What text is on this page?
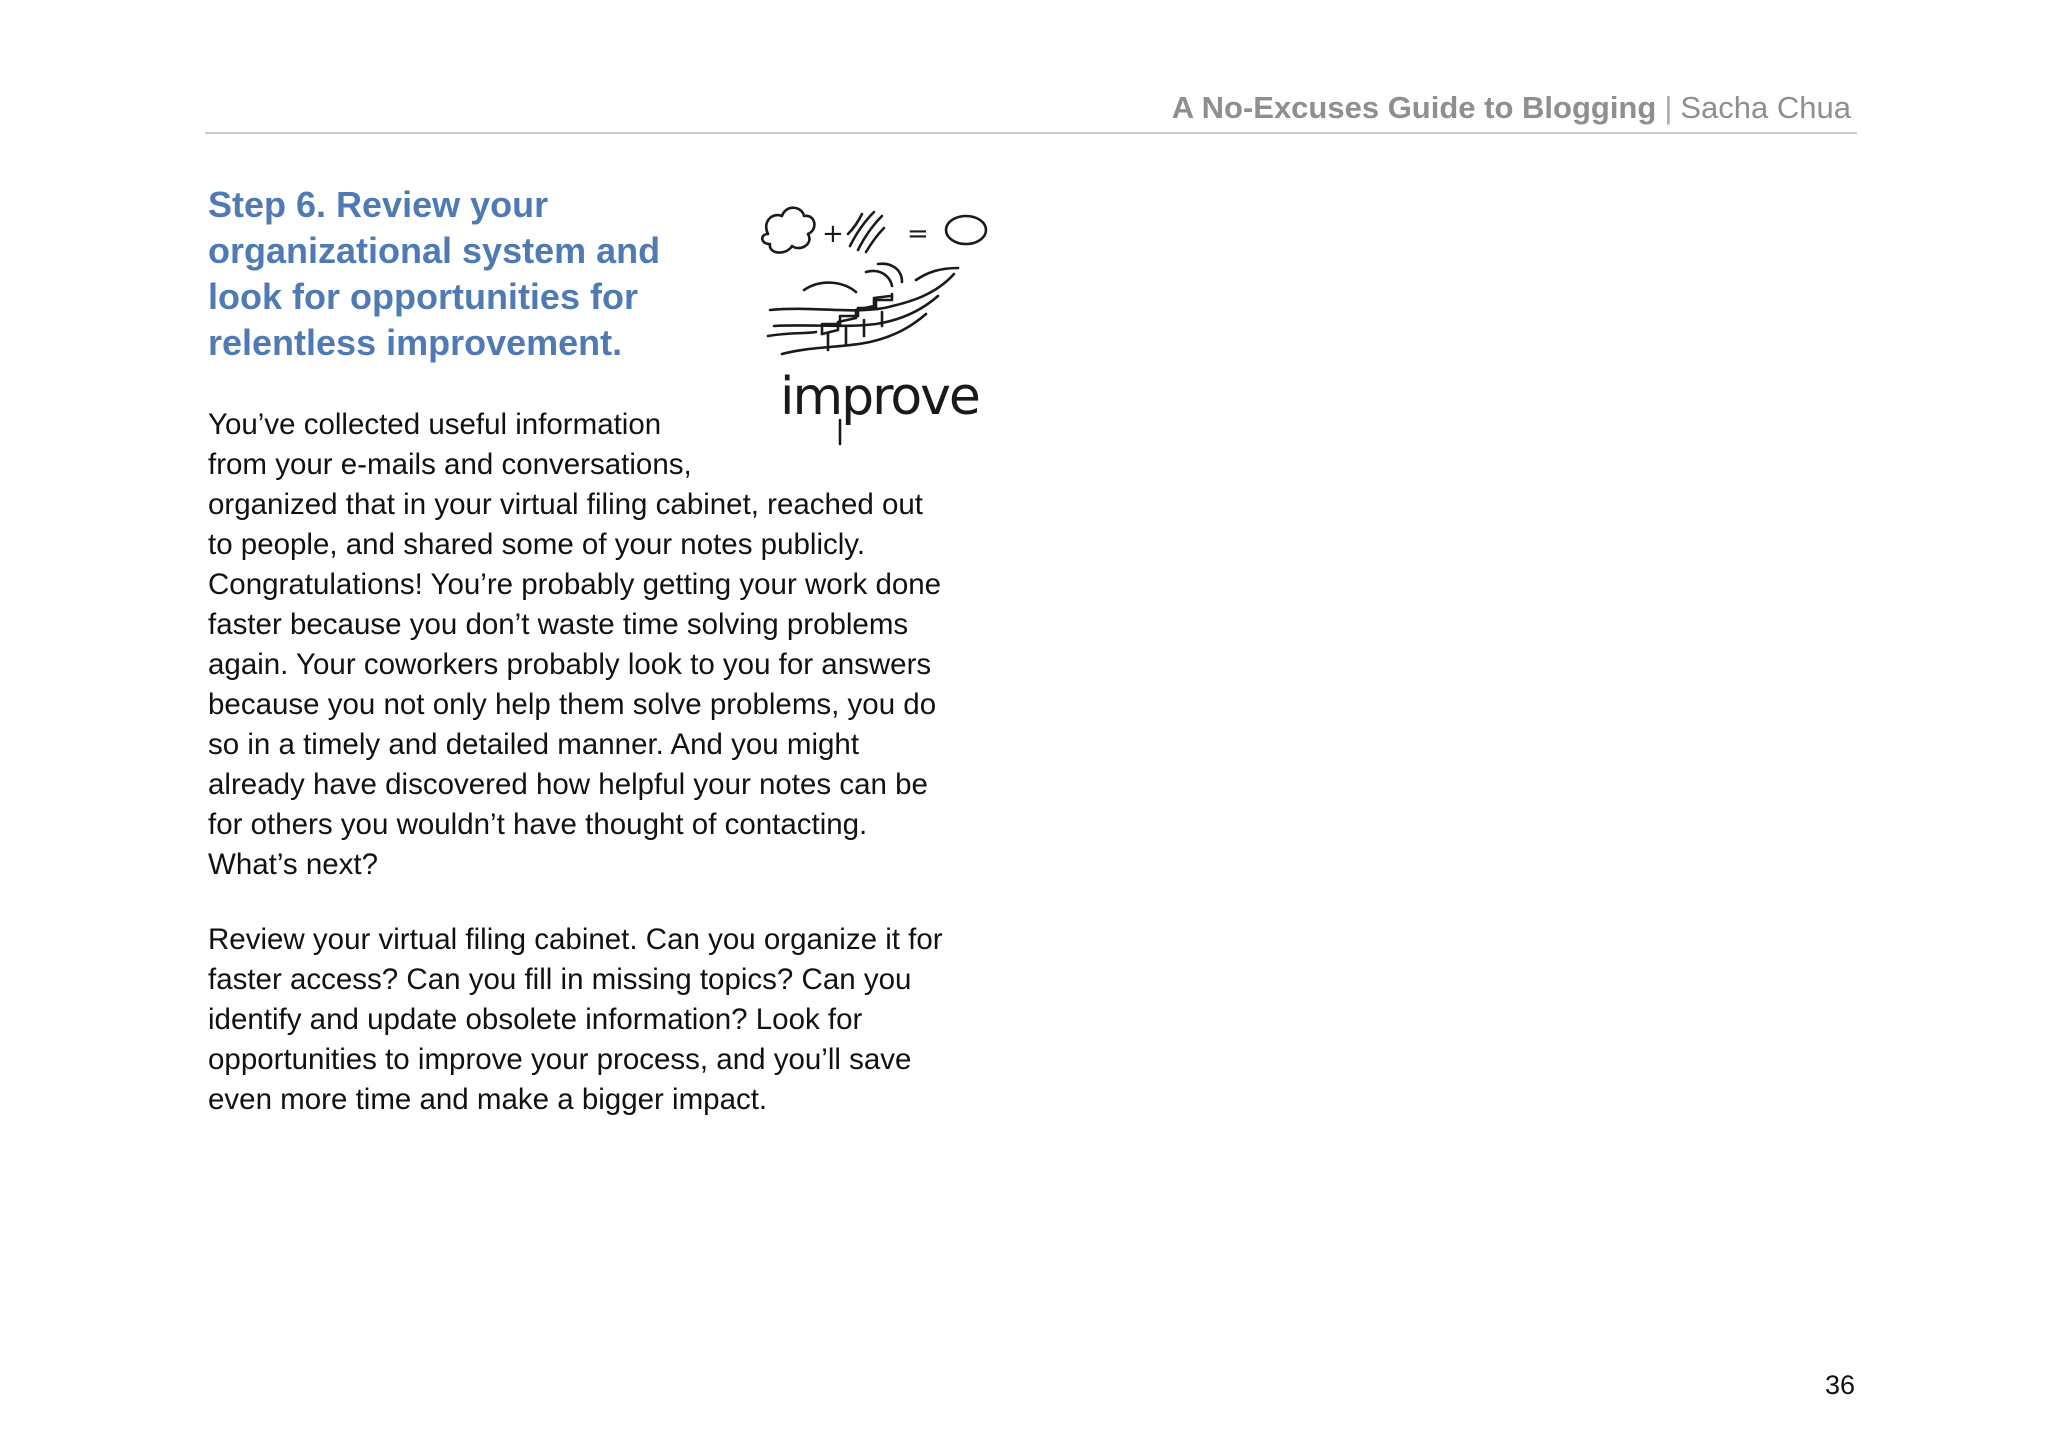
A No-Excuses Guide to Blogging | Sacha Chua
Step 6. Review your
organizational system and
look for opportunities for
relentless improvement.
+ =
improve

You’ve collected useful information
from your e-mails and conversations,
organized that in your virtual filing cabinet, reached out
to people, and shared some of your notes publicly.
Congratulations! You’re probably getting your work done
faster because you don’t waste time solving problems
again. Your coworkers probably look to you for answers
because you not only help them solve problems, you do
so in a timely and detailed manner. And you might
already have discovered how helpful your notes can be
for others you wouldn’t have thought of contacting.
What’s next?

Review your virtual filing cabinet. Can you organize it for
faster access? Can you fill in missing topics? Can you
identify and update obsolete information? Look for
opportunities to improve your process, and you’ll save
even more time and make a bigger impact.

36
